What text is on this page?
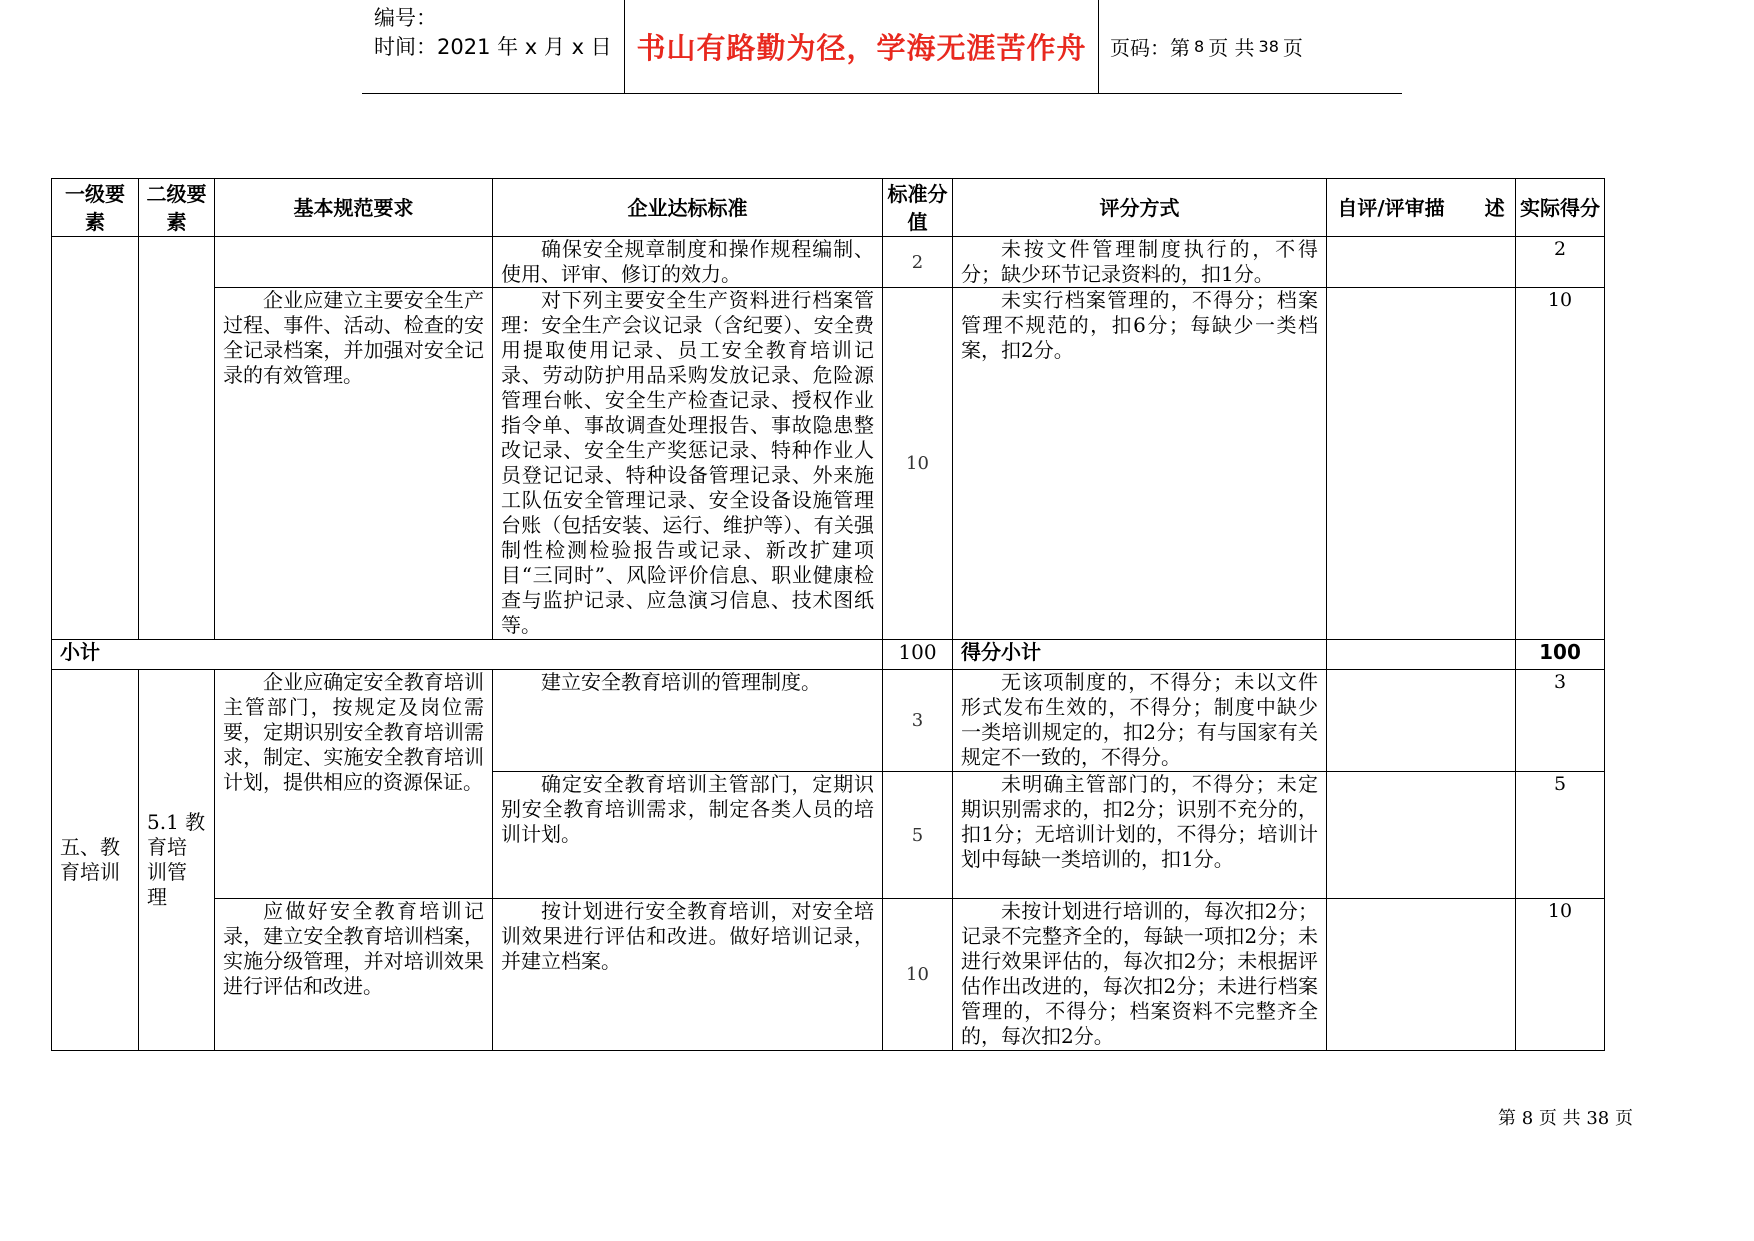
编号：
时间：2021 年 x 月 x 日 书山有路勤为径，学海无涯苦作舟	页码：第 8 页 共 38 页
一级要素	二级要素	基本规范要求	企业达标标准	标准分值	评分方式	自评/评审描　　述	实际得分
			确保安全规章制度和操作规程编制、使用、评审、修订的效力。	2	未按文件管理制度执行的，不得分；缺少环节记录资料的，扣1分。		2
		企业应建立主要安全生产过程、事件、活动、检查的安全记录档案，并加强对安全记录的有效管理。	对下列主要安全生产资料进行档案管理：安全生产会议记录（含纪要）、安全费用提取使用记录、员工安全教育培训记录、劳动防护用品采购发放记录、危险源管理台帐、安全生产检查记录、授权作业指令单、事故调查处理报告、事故隐患整改记录、安全生产奖惩记录、特种作业人员登记记录、特种设备管理记录、外来施工队伍安全管理记录、安全设备设施管理台账（包括安装、运行、维护等）、有关强制性检测检验报告或记录、新改扩建项目“三同时”、风险评价信息、职业健康检查与监护记录、应急演习信息、技术图纸等。	10	未实行档案管理的，不得分；档案管理不规范的，扣6分；每缺少一类档案，扣2分。		10
小计				100	得分小计		100
五、教育培训	5.1 教育培训管理	企业应确定安全教育培训主管部门，按规定及岗位需要，定期识别安全教育培训需求，制定、实施安全教育培训计划，提供相应的资源保证。	建立安全教育培训的管理制度。	3	无该项制度的，不得分；未以文件形式发布生效的，不得分；制度中缺少一类培训规定的，扣2分；有与国家有关规定不一致的，不得分。		3
			确定安全教育培训主管部门，定期识别安全教育培训需求，制定各类人员的培训计划。	5	未明确主管部门的，不得分；未定期识别需求的，扣2分；识别不充分的，扣1分；无培训计划的，不得分；培训计划中每缺一类培训的，扣1分。		5
		应做好安全教育培训记录，建立安全教育培训档案，实施分级管理，并对培训效果进行评估和改进。	按计划进行安全教育培训，对安全培训效果进行评估和改进。做好培训记录，并建立档案。	10	未按计划进行培训的，每次扣2分；记录不完整齐全的，每缺一项扣2分；未进行效果评估的，每次扣2分；未根据评估作出改进的，每次扣2分；未进行档案管理的，不得分；档案资料不完整齐全的，每次扣2分。		10
第 8 页 共 38 页
